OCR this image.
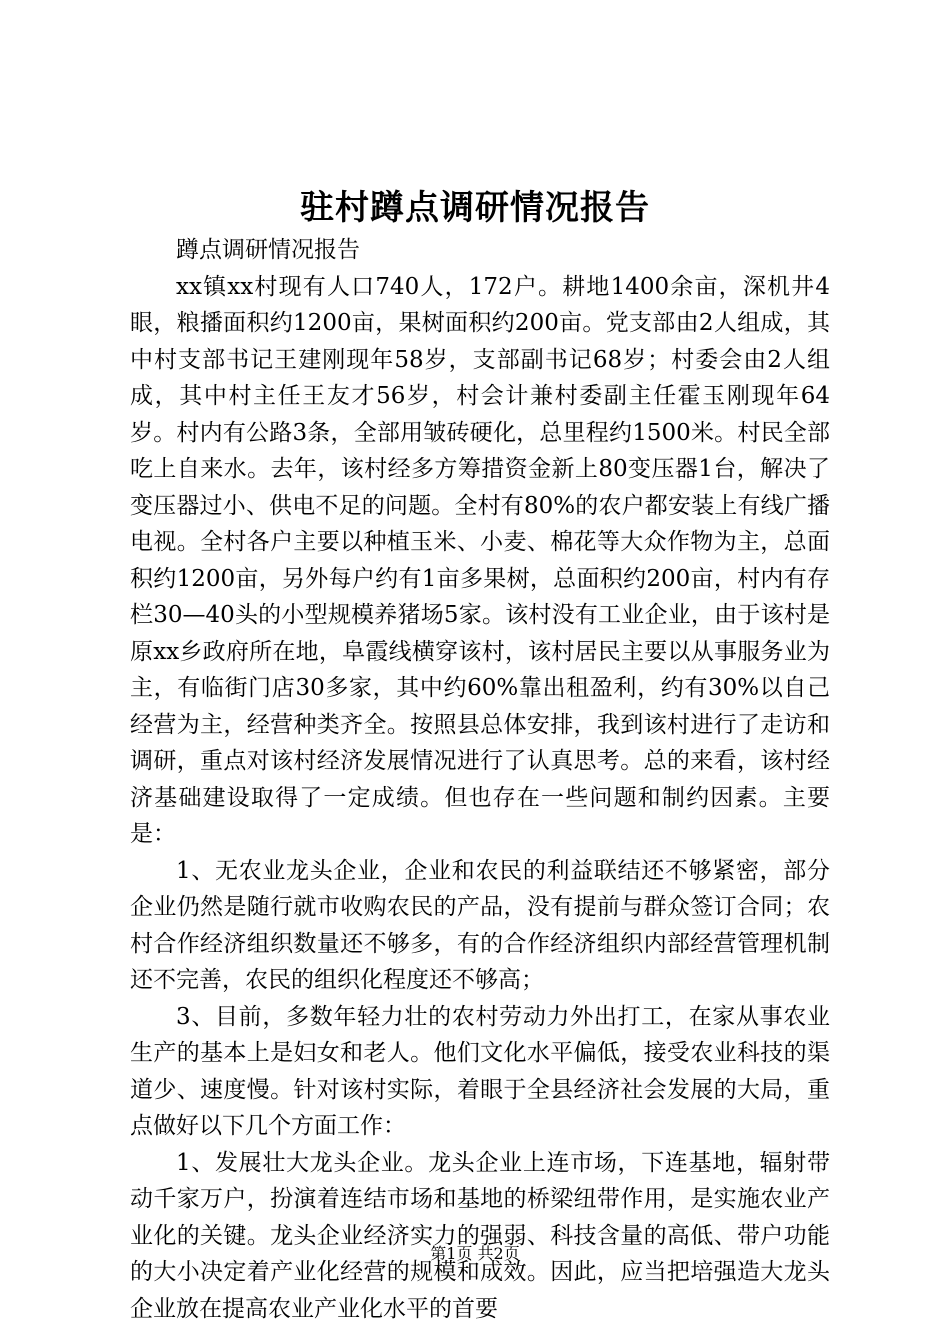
驻村蹲点调研情况报告

蹲点调研情况报告

xx镇xx村现有人口740人，172户。耕地1400余亩，深机井4眼，粮播面积约1200亩，果树面积约200亩。党支部由2人组成，其中村支部书记王建刚现年58岁，支部副书记68岁；村委会由2人组成，其中村主任王友才56岁，村会计兼村委副主任霍玉刚现年64岁。村内有公路3条，全部用皱砖硬化，总里程约1500米。村民全部吃上自来水。去年，该村经多方筹措资金新上80变压器1台，解决了变压器过小、供电不足的问题。全村有80%的农户都安装上有线广播电视。全村各户主要以种植玉米、小麦、棉花等大众作物为主，总面积约1200亩，另外每户约有1亩多果树，总面积约200亩，村内有存栏30—40头的小型规模养猪场5家。该村没有工业企业，由于该村是原xx乡政府所在地，阜霞线横穿该村，该村居民主要以从事服务业为主，有临街门店30多家，其中约60%靠出租盈利，约有30%以自己经营为主，经营种类齐全。按照县总体安排，我到该村进行了走访和调研，重点对该村经济发展情况进行了认真思考。总的来看，该村经济基础建设取得了一定成绩。但也存在一些问题和制约因素。主要是：

1、无农业龙头企业，企业和农民的利益联结还不够紧密，部分企业仍然是随行就市收购农民的产品，没有提前与群众签订合同；农村合作经济组织数量还不够多，有的合作经济组织内部经营管理机制还不完善，农民的组织化程度还不够高；

3、目前，多数年轻力壮的农村劳动力外出打工，在家从事农业生产的基本上是妇女和老人。他们文化水平偏低，接受农业科技的渠道少、速度慢。针对该村实际，着眼于全县经济社会发展的大局，重点做好以下几个方面工作：

1、发展壮大龙头企业。龙头企业上连市场，下连基地，辐射带动千家万户，扮演着连结市场和基地的桥梁纽带作用，是实施农业产业化的关键。龙头企业经济实力的强弱、科技含量的高低、带户功能的大小决定着产业化经营的规模和成效。因此，应当把培强造大龙头企业放在提高农业产业化水平的首要

第1页 共2页
